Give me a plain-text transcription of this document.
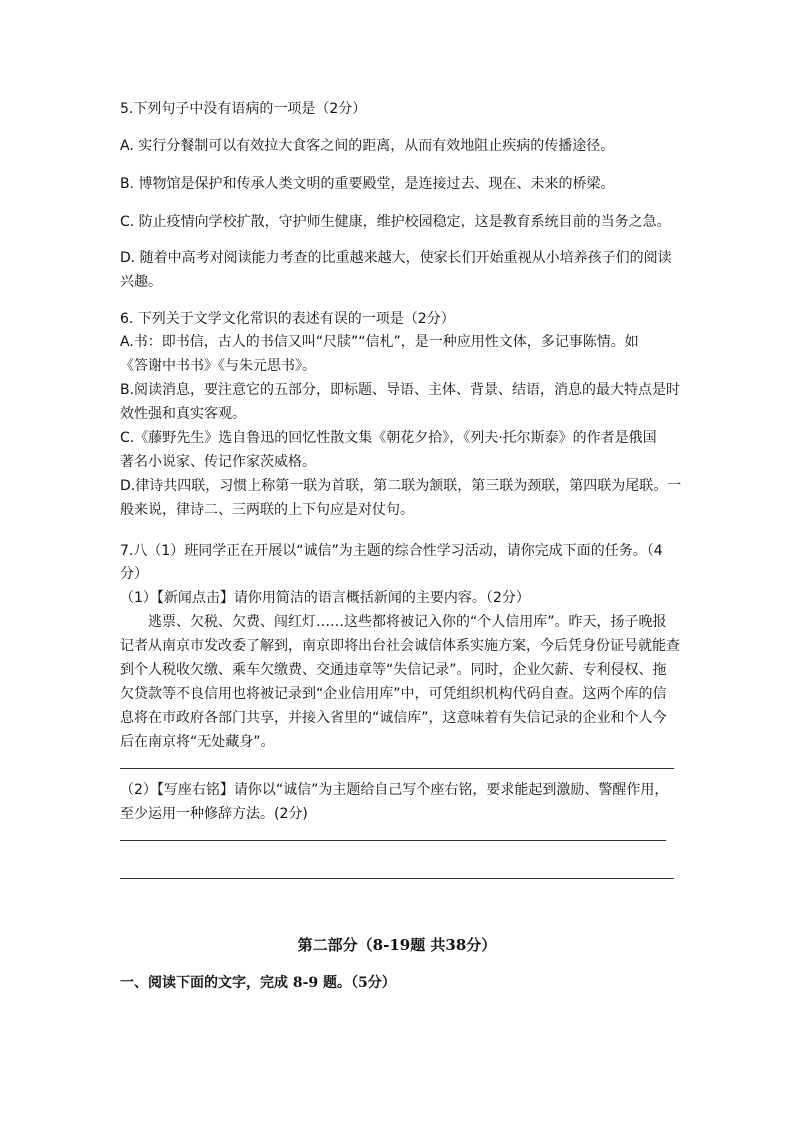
5.下列句子中没有语病的一项是（2分）
A. 实行分餐制可以有效拉大食客之间的距离，从而有效地阻止疾病的传播途径。
B. 博物馆是保护和传承人类文明的重要殿堂，是连接过去、现在、未来的桥梁。
C. 防止疫情向学校扩散，守护师生健康，维护校园稳定，这是教育系统目前的当务之急。
D. 随着中高考对阅读能力考查的比重越来越大，使家长们开始重视从小培养孩子们的阅读
兴趣。
6. 下列关于文学文化常识的表述有误的一项是（2分）
A.书：即书信，古人的书信又叫“尺牍”“信札”，是一种应用性文体，多记事陈情。如
《答谢中书书》《与朱元思书》。
B.阅读消息，要注意它的五部分，即标题、导语、主体、背景、结语，消息的最大特点是时
效性强和真实客观。
C.《藤野先生》选自鲁迅的回忆性散文集《朝花夕拾》，《列夫·托尔斯泰》的作者是俄国
著名小说家、传记作家茨威格。
D.律诗共四联，习惯上称第一联为首联，第二联为颔联，第三联为颈联，第四联为尾联。一
般来说，律诗二、三两联的上下句应是对仗句。
7.八（1）班同学正在开展以“诚信”为主题的综合性学习活动，请你完成下面的任务。（4
分）
（1）【新闻点击】请你用简洁的语言概括新闻的主要内容。（2分）
逃票、欠税、欠费、闯红灯……这些都将被记入你的“个人信用库”。昨天，扬子晚报
记者从南京市发改委了解到，南京即将出台社会诚信体系实施方案，今后凭身份证号就能查
到个人税收欠缴、乘车欠缴费、交通违章等“失信记录”。同时，企业欠薪、专利侵权、拖
欠贷款等不良信用也将被记录到“企业信用库”中，可凭组织机构代码自查。这两个库的信
息将在市政府各部门共享，并接入省里的“诚信库”，这意味着有失信记录的企业和个人今
后在南京将“无处藏身”。
（2）【写座右铭】请你以“诚信”为主题给自己写个座右铭，要求能起到激励、警醒作用，
至少运用一种修辞方法。(2分)
第二部分（8-19题 共38分）
一、阅读下面的文字，完成 8-9 题。（5分）
